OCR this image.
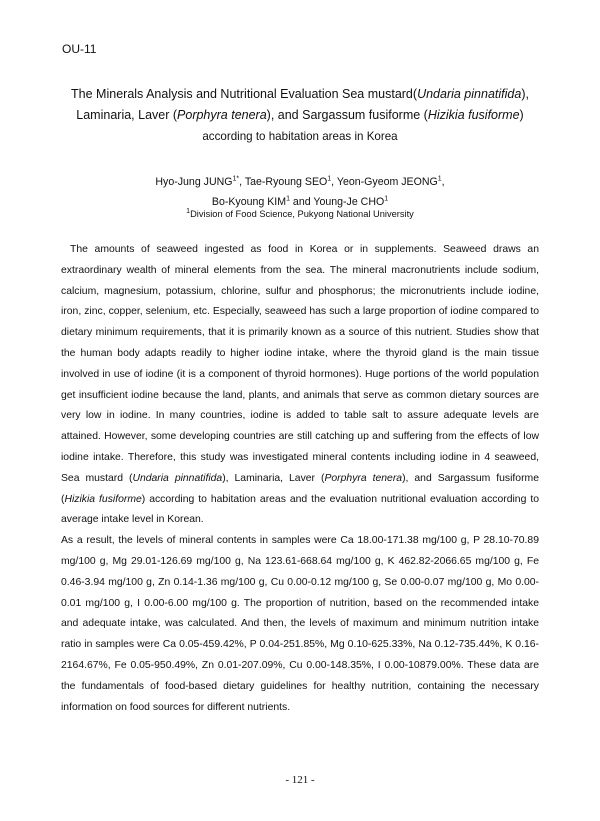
OU-11
The Minerals Analysis and Nutritional Evaluation Sea mustard(Undaria pinnatifida),
Laminaria, Laver (Porphyra tenera), and Sargassum fusiforme (Hizikia fusiforme)
according to habitation areas in Korea
Hyo-Jung $JUNG^{1*}$, Tae-Ryoung SEO$^1$, Yeon-Gyeom JEONG$^1$,
Bo-Kyoung KIM$^1$ and Young-Je CHO$^1$
$^1$Division of Food Science, Pukyong National University

The amounts of seaweed ingested as food in Korea or in supplements. Seaweed draws an extraordinary wealth of mineral elements from the sea. The mineral macronutrients include sodium, calcium, magnesium, potassium, chlorine, sulfur and phosphorus; the micronutrients include iodine, iron, zinc, copper, selenium, etc. Especially, seaweed has such a large proportion of iodine compared to dietary minimum requirements, that it is primarily known as a source of this nutrient. Studies show that the human body adapts readily to higher iodine intake, where the thyroid gland is the main tissue involved in use of iodine (it is a component of thyroid hormones). Huge portions of the world population get insufficient iodine because the land, plants, and animals that serve as common dietary sources are very low in iodine. In many countries, iodine is added to table salt to assure adequate levels are attained. However, some developing countries are still catching up and suffering from the effects of low iodine intake. Therefore, this study was investigated mineral contents including iodine in 4 seaweed, Sea mustard (Undaria pinnatifida), Laminaria, Laver (Porphyra tenera), and Sargassum fusiforme (Hizikia fusiforme) according to habitation areas and the evaluation nutritional evaluation according to average intake level in Korean.

As a result, the levels of mineral contents in samples were Ca 18.00-171.38 mg/100 g, P 28.10-70.89 mg/100 g, Mg 29.01-126.69 mg/100 g, Na 123.61-668.64 mg/100 g, K 462.82-2066.65 mg/100 g, Fe 0.46-3.94 mg/100 g, Zn 0.14-1.36 mg/100 g, Cu 0.00-0.12 mg/100 g, Se 0.00-0.07 mg/100 g, Mo 0.00-0.01 mg/100 g, I 0.00-6.00 mg/100 g. The proportion of nutrition, based on the recommended intake and adequate intake, was calculated. And then, the levels of maximum and minimum nutrition intake ratio in samples were Ca 0.05-459.42%, P 0.04-251.85%, Mg 0.10-625.33%, Na 0.12-735.44%, K 0.16-2164.67%, Fe 0.05-950.49%, Zn 0.01-207.09%, Cu 0.00-148.35%, I 0.00-10879.00%. These data are the fundamentals of food-based dietary guidelines for healthy nutrition, containing the necessary information on food sources for different nutrients.

- 121 -
